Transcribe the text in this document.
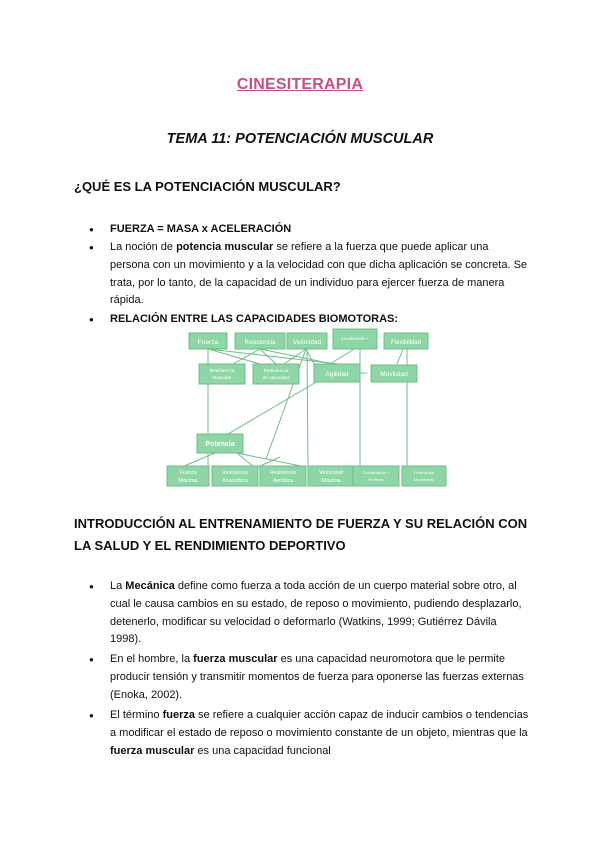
CINESITERAPIA
TEMA 11: POTENCIACIÓN MUSCULAR
¿QUÉ ES LA POTENCIACIÓN MUSCULAR?
● FUERZA = MASA x ACELERACIÓN
● La noción de potencia muscular se refiere a la fuerza que puede aplicar una persona con un movimiento y a la velocidad con que dicha aplicación se concreta. Se trata, por lo tanto, de la capacidad de un individuo para ejercer fuerza de manera rápida.
● RELACIÓN ENTRE LAS CAPACIDADES BIOMOTORAS:
Fuerza	Resistencia	Velocidad
Coordinación +
Flexibilidad
Resistencia Muscular
Resistencia de velocidad
Agilidad	Movilidad
Potencia
Fuerza Máxima
Resistencia Anaeróbica
Resistencia Aeróbica
Velocidad Máxima
Coordinación + Perfecta
Flexibilidad Movimiento
INTRODUCCIÓN AL ENTRENAMIENTO DE FUERZA Y SU RELACIÓN CON
LA SALUD Y EL RENDIMIENTO DEPORTIVO
● La Mecánica define como fuerza a toda acción de un cuerpo material sobre otro, al cual le causa cambios en su estado, de reposo o movimiento, pudiendo desplazarlo, detenerlo, modificar su velocidad o deformarlo (Watkins, 1999; Gutiérrez Dávila 1998).
● En el hombre, la fuerza muscular es una capacidad neuromotora que le permite producir tensión y transmitir momentos de fuerza para oponerse las fuerzas externas (Enoka, 2002).
● El término fuerza se refiere a cualquier acción capaz de inducir cambios o tendencias a modificar el estado de reposo o movimiento constante de un objeto, mientras que la fuerza muscular es una capacidad funcional
